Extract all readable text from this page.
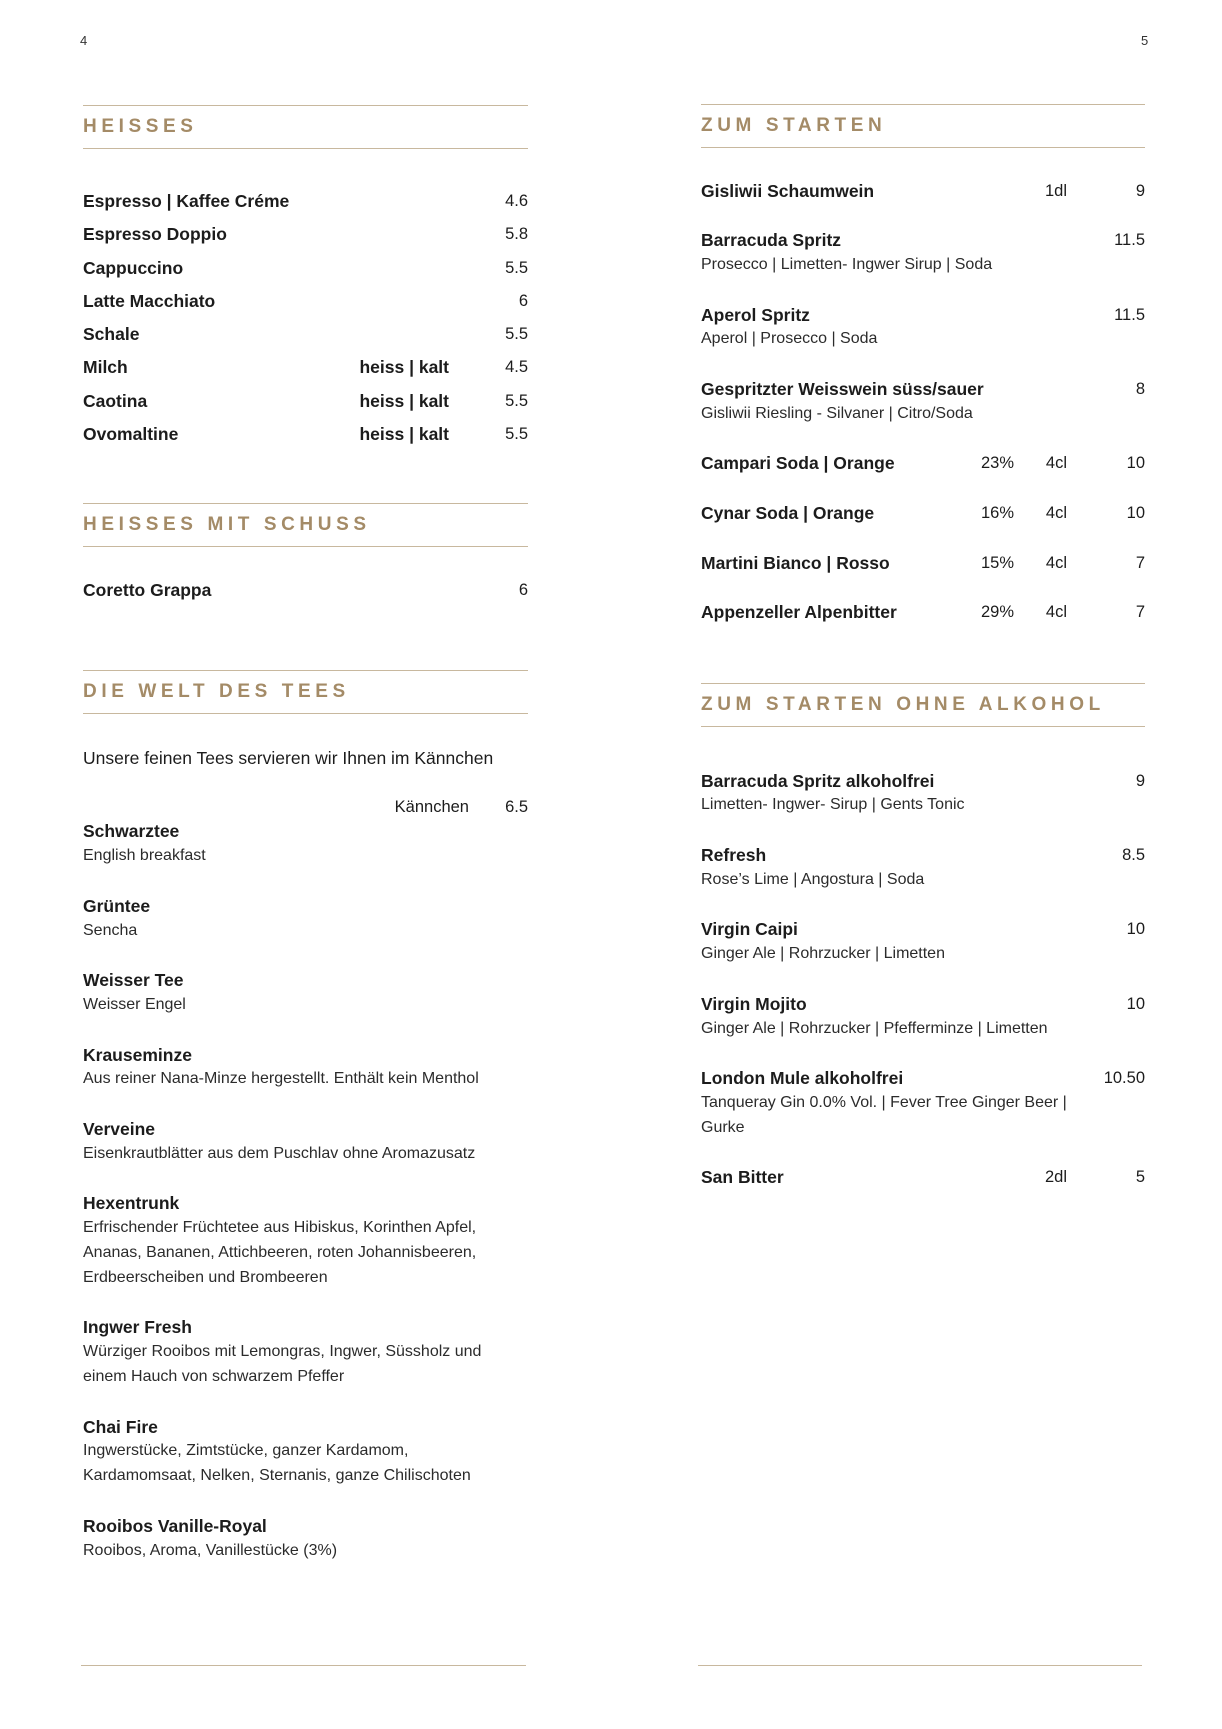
4	5
HEISSES
Espresso | Kaffee Créme	4.6
Espresso Doppio	5.8
Cappuccino	5.5
Latte Macchiato	6
Schale	5.5
Milch	heiss | kalt	4.5
Caotina	heiss | kalt	5.5
Ovomaltine	heiss | kalt	5.5
HEISSES MIT SCHUSS
Coretto Grappa	6
DIE WELT DES TEES
Unsere feinen Tees servieren wir Ihnen im Kännchen
Kännchen 6.5
Schwarztee
English breakfast
Grüntee
Sencha
Weisser Tee
Weisser Engel
Krauseminze
Aus reiner Nana-Minze hergestellt. Enthält kein Menthol
Verveine
Eisenkrautblätter aus dem Puschlav ohne Aromazusatz
Hexentrunk
Erfrischender Früchtetee aus Hibiskus, Korinthen Apfel,
Ananas, Bananen, Attichbeeren, roten Johannisbeeren,
Erdbeerscheiben und Brombeeren
Ingwer Fresh
Würziger Rooibos mit Lemongras, Ingwer, Süssholz und
einem Hauch von schwarzem Pfeffer
Chai Fire
Ingwerstücke, Zimtstücke, ganzer Kardamom,
Kardamomsaat, Nelken, Sternanis, ganze Chilischoten
Rooibos Vanille-Royal
Rooibos, Aroma, Vanillestücke (3%)
ZUM STARTEN
Gisliwii Schaumwein	1dl	9
Barracuda Spritz	11.5
Prosecco | Limetten- Ingwer Sirup | Soda
Aperol Spritz	11.5
Aperol | Prosecco | Soda
Gespritzter Weisswein süss/sauer	8
Gisliwii Riesling - Silvaner | Citro/Soda
Campari Soda | Orange	23% 4cl	10
Cynar Soda | Orange	16% 4cl	10
Martini Bianco | Rosso	15% 4cl	7
Appenzeller Alpenbitter	29% 4cl	7
ZUM STARTEN OHNE ALKOHOL
Barracuda Spritz alkoholfrei	9
Limetten- Ingwer- Sirup | Gents Tonic
Refresh	8.5
Rose’s Lime | Angostura | Soda
Virgin Caipi	10
Ginger Ale | Rohrzucker | Limetten
Virgin Mojito	10
Ginger Ale | Rohrzucker | Pfefferminze | Limetten
London Mule alkoholfrei	10.50
Tanqueray Gin 0.0% Vol. | Fever Tree Ginger Beer |
Gurke
San Bitter	2dl	5
